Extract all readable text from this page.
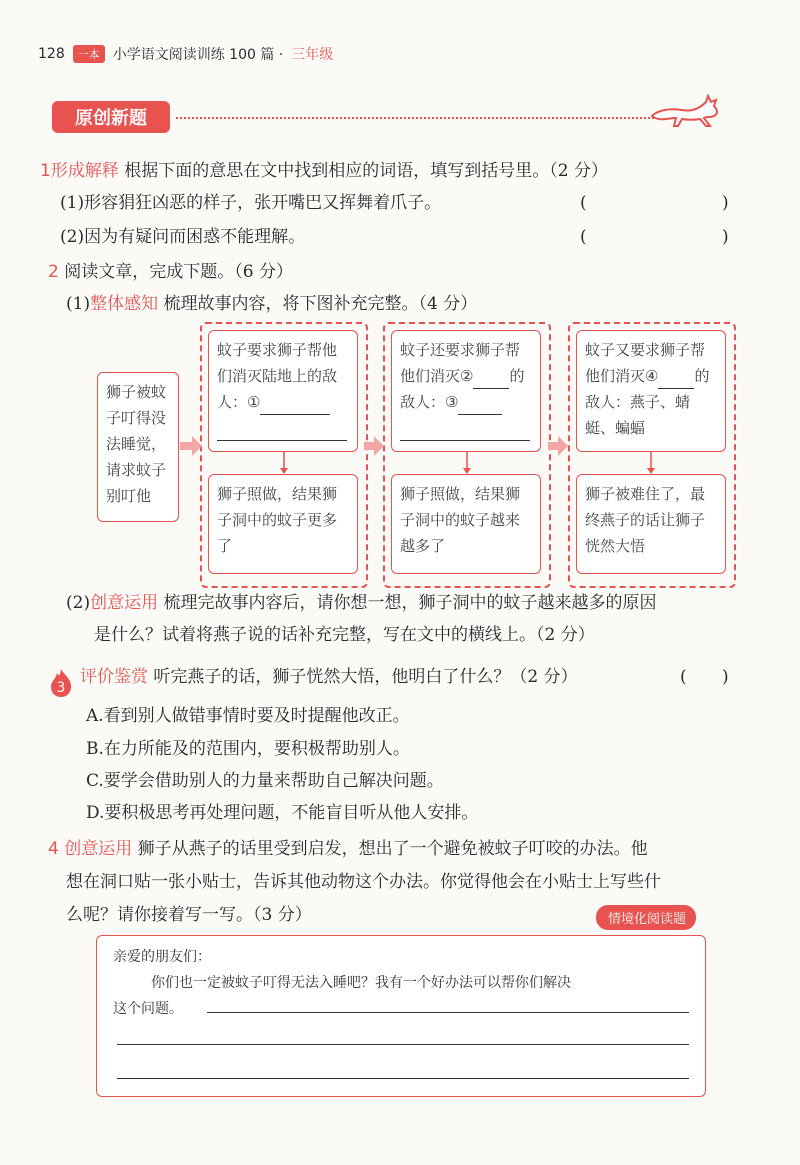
128	一本 小学语文阅读训练 100 篇 · 三年级
原创新题
1形成解释 根据下面的意思在文中找到相应的词语，填写到括号里。（2 分）
(1)形容狷狂凶恶的样子，张开嘴巴又挥舞着爪子。	(	)
(2)因为有疑问而困惑不能理解。	(	)
2 阅读文章，完成下题。（6 分）
(1)整体感知 梳理故事内容，将下图补充完整。（4 分）
狮子被蚊子叮得没法睡觉，请求蚊子别叮他
蚊子要求狮子帮他们消灭陆地上的敌人：①
蚊子还要求狮子帮他们消灭② 的敌人：③
蚊子又要求狮子帮他们消灭④ 的敌人：燕子、蜻蜓、蝙蝠
狮子照做，结果狮子洞中的蚊子更多了
狮子照做，结果狮子洞中的蚊子越来越多了
狮子被难住了，最终燕子的话让狮子恍然大悟
(2)创意运用 梳理完故事内容后，请你想一想，狮子洞中的蚊子越来越多的原因
是什么？试着将燕子说的话补充完整，写在文中的横线上。（2 分）
3
评价鉴赏 听完燕子的话，狮子恍然大悟，他明白了什么？（2 分）	( )
A.看到别人做错事情时要及时提醒他改正。
B.在力所能及的范围内，要积极帮助别人。
C.要学会借助别人的力量来帮助自己解决问题。
D.要积极思考再处理问题，不能盲目听从他人安排。
4 创意运用 狮子从燕子的话里受到启发，想出了一个避免被蚊子叮咬的办法。他
想在洞口贴一张小贴士，告诉其他动物这个办法。你觉得他会在小贴士上写些什
么呢？请你接着写一写。（3 分）	情境化阅读题
亲爱的朋友们：
你们也一定被蚊子叮得无法入睡吧？我有一个好办法可以帮你们解决
这个问题。
